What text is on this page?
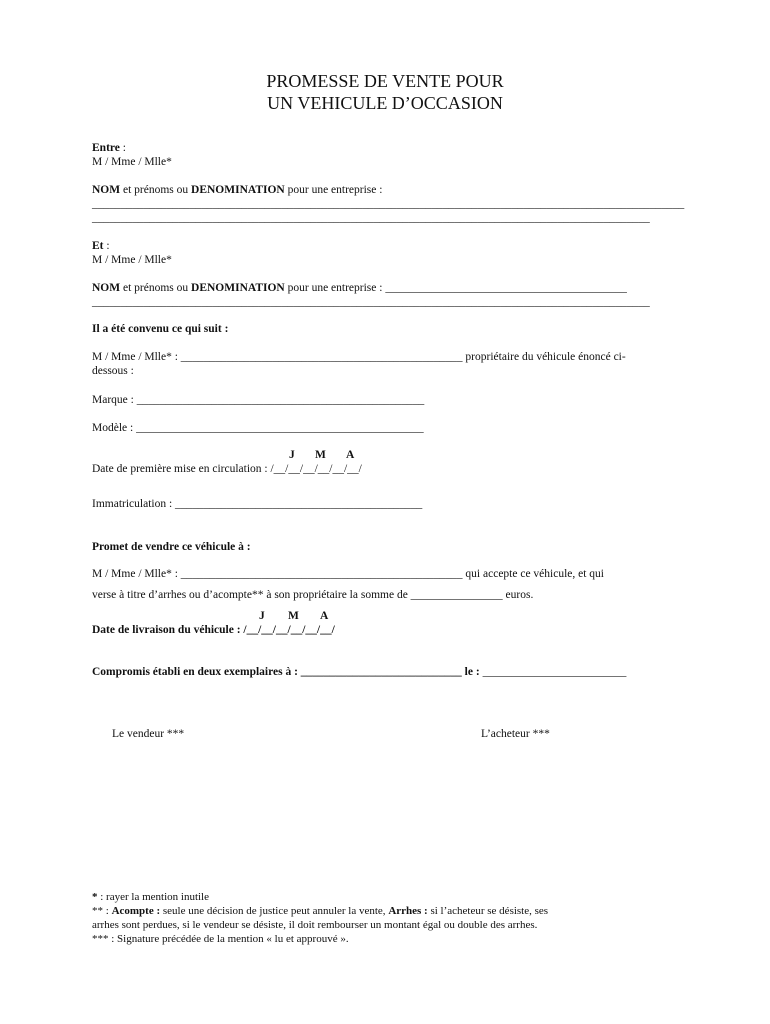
PROMESSE DE VENTE POUR
UN VEHICULE D’OCCASION
Entre :
M / Mme / Mlle*
NOM et prénoms ou DENOMINATION pour une entreprise :
_______________________________________________________________________________________________________
_________________________________________________________________________________________________
Et :
M / Mme / Mlle*
NOM et prénoms ou DENOMINATION pour une entreprise : __________________________________________
_________________________________________________________________________________________________
Il a été convenu ce qui suit :
M / Mme / Mlle* : _________________________________________________ propriétaire du véhicule énoncé ci-
dessous :
Marque : __________________________________________________
Modèle : __________________________________________________
J M A
Date de première mise en circulation : /__/__/__/__/__/__/
Immatriculation : ___________________________________________
Promet de vendre ce véhicule à :
M / Mme / Mlle* : _________________________________________________ qui accepte ce véhicule, et qui
verse à titre d’arrhes ou d’acompte** à son propriétaire la somme de ________________ euros.
J M A
Date de livraison du véhicule : /__/__/__/__/__/__/
Compromis établi en deux exemplaires à : ____________________________ le : _________________________
Le vendeur ***	L’acheteur ***
* : rayer la mention inutile
** : Acompte : seule une décision de justice peut annuler la vente, Arrhes : si l’acheteur se désiste, ses
arrhes sont perdues, si le vendeur se désiste, il doit rembourser un montant égal ou double des arrhes.
*** : Signature précédée de la mention « lu et approuvé ».
